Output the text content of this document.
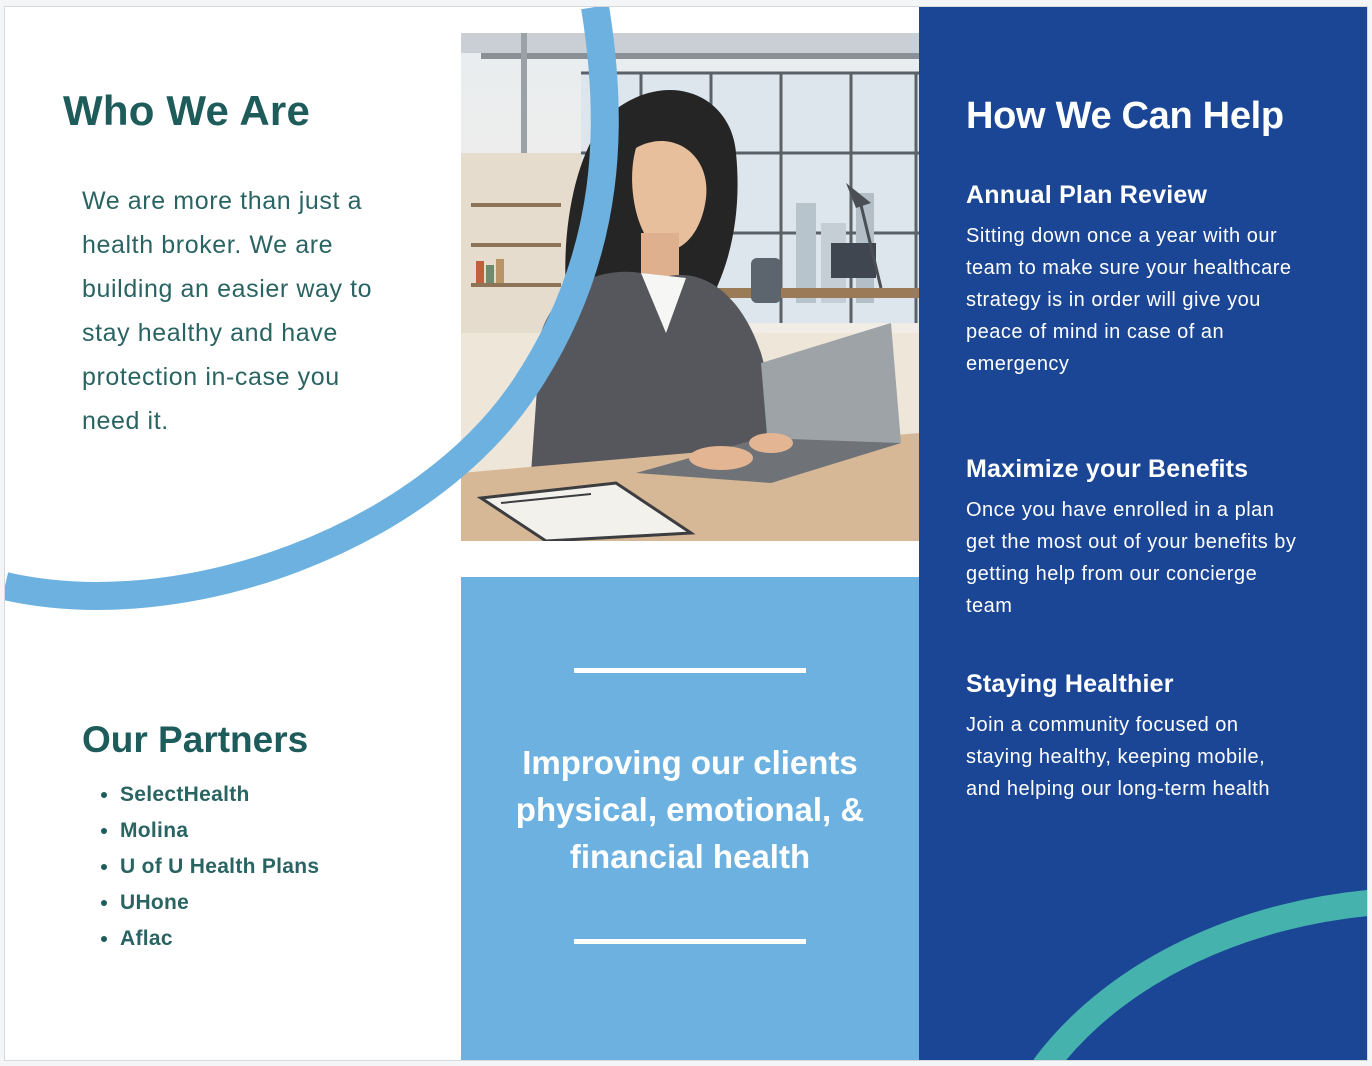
Who We Are

We are more than just a health broker. We are building an easier way to stay healthy and have protection in-case you need it.

Our Partners
• SelectHealth
• Molina
• U of U Health Plans
• UHone
• Aflac

Improving our clients physical, emotional, & financial health

How We Can Help
Annual Plan Review

Sitting down once a year with our team to make sure your healthcare strategy is in order will give you peace of mind in case of an emergency

Maximize your Benefits

Once you have enrolled in a plan get the most out of your benefits by getting help from our concierge team

Staying Healthier

Join a community focused on staying healthy, keeping mobile, and helping our long-term health
